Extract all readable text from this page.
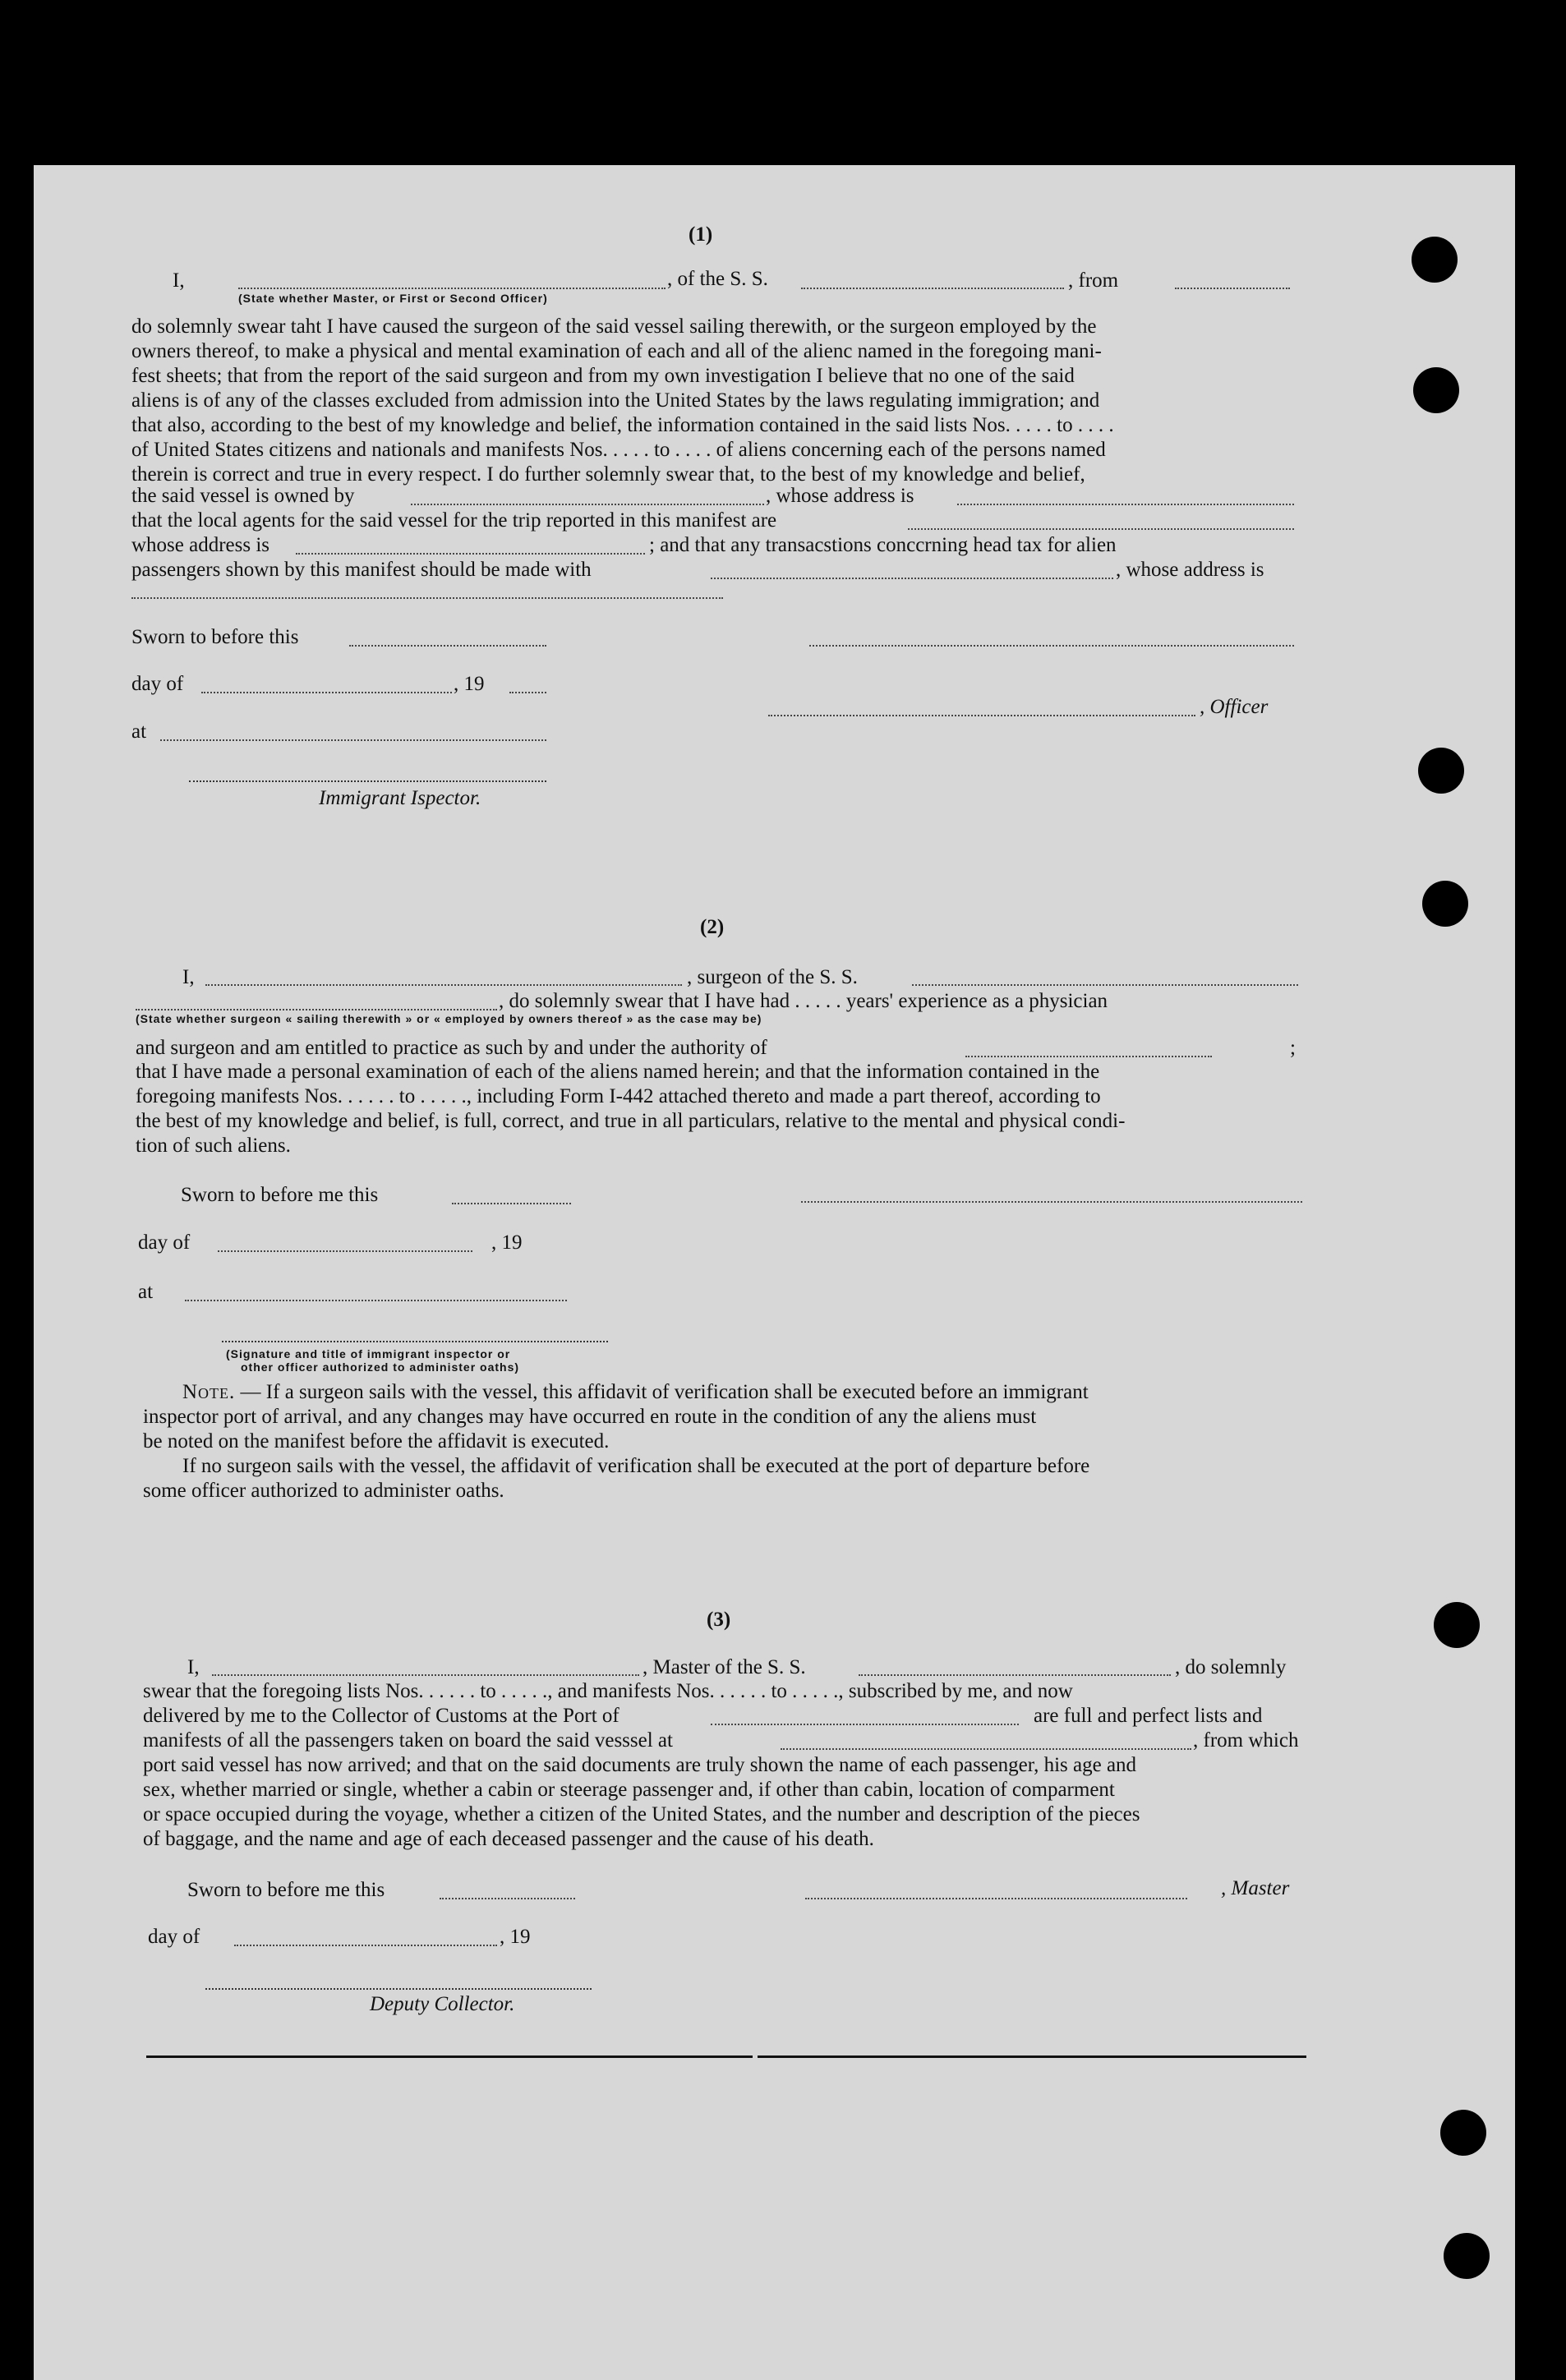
(1)
I,	, of the S. S.	, from
(State whether Master, or First or Second Officer)
do solemnly swear taht I have caused the surgeon of the said vessel sailing therewith, or the surgeon employed by the
owners thereof, to make a physical and mental examination of each and all of the alienc named in the foregoing mani-
fest sheets; that from the report of the said surgeon and from my own investigation I believe that no one of the said
aliens is of any of the classes excluded from admission into the United States by the laws regulating immigration; and
that also, according to the best of my knowledge and belief, the information contained in the said lists Nos. . . . . to . . . .
of United States citizens and nationals and manifests Nos. . . . . to . . . . of aliens concerning each of the persons named
therein is correct and true in every respect. I do further solemnly swear that, to the best of my knowledge and belief,
the said vessel is owned by	, whose address is
that the local agents for the said vessel for the trip reported in this manifest are
whose address is	; and that any transacstions conccrning head tax for alien
passengers shown by this manifest should be made with	, whose address is
Sworn to before this
day of	, 19
, Officer
at
Immigrant Ispector.
(2)
I,	, surgeon of the S. S.
, do solemnly swear that I have had . . . . . years' experience as a physician
(State whether surgeon « sailing therewith » or « employed by owners thereof » as the case may be)
and surgeon and am entitled to practice as such by and under the authority of	;
that I have made a personal examination of each of the aliens named herein; and that the information contained in the
foregoing manifests Nos. . . . . . to . . . . ., including Form I-442 attached thereto and made a part thereof, according to
the best of my knowledge and belief, is full, correct, and true in all particulars, relative to the mental and physical condi-
tion of such aliens.
Sworn to before me this
day of	, 19
at
(Signature and title of immigrant inspector or
other officer authorized to administer oaths)
Note. — If a surgeon sails with the vessel, this affidavit of verification shall be executed before an immigrant
inspector port of arrival, and any changes may have occurred en route in the condition of any the aliens must
be noted on the manifest before the affidavit is executed.
If no surgeon sails with the vessel, the affidavit of verification shall be executed at the port of departure before
some officer authorized to administer oaths.
(3)
I,	, Master of the S. S.	, do solemnly
swear that the foregoing lists Nos. . . . . . to . . . . ., and manifests Nos. . . . . . to . . . . ., subscribed by me, and now
delivered by me to the Collector of Customs at the Port of	are full and perfect lists and
manifests of all the passengers taken on board the said vesssel at	, from which
port said vessel has now arrived; and that on the said documents are truly shown the name of each passenger, his age and
sex, whether married or single, whether a cabin or steerage passenger and, if other than cabin, location of comparment
or space occupied during the voyage, whether a citizen of the United States, and the number and description of the pieces
of baggage, and the name and age of each deceased passenger and the cause of his death.
Sworn to before me this	, Master
day of	, 19
Deputy Collector.
